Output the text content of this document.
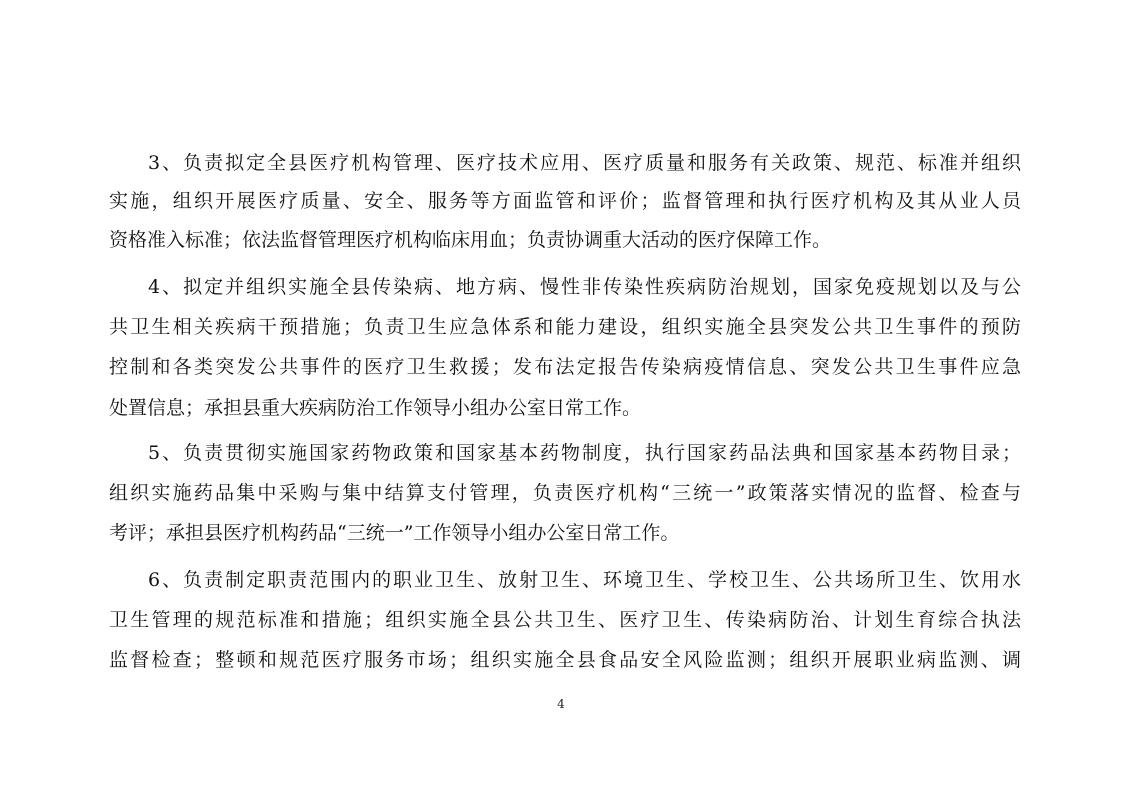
3、负责拟定全县医疗机构管理、医疗技术应用、医疗质量和服务有关政策、规范、标准并组织
实施，组织开展医疗质量、安全、服务等方面监管和评价；监督管理和执行医疗机构及其从业人员
资格准入标准；依法监督管理医疗机构临床用血；负责协调重大活动的医疗保障工作。
4、拟定并组织实施全县传染病、地方病、慢性非传染性疾病防治规划，国家免疫规划以及与公
共卫生相关疾病干预措施；负责卫生应急体系和能力建设，组织实施全县突发公共卫生事件的预防
控制和各类突发公共事件的医疗卫生救援；发布法定报告传染病疫情信息、突发公共卫生事件应急
处置信息；承担县重大疾病防治工作领导小组办公室日常工作。
5、负责贯彻实施国家药物政策和国家基本药物制度，执行国家药品法典和国家基本药物目录；
组织实施药品集中采购与集中结算支付管理，负责医疗机构“三统一”政策落实情况的监督、检查与
考评；承担县医疗机构药品“三统一”工作领导小组办公室日常工作。
6、负责制定职责范围内的职业卫生、放射卫生、环境卫生、学校卫生、公共场所卫生、饮用水
卫生管理的规范标准和措施；组织实施全县公共卫生、医疗卫生、传染病防治、计划生育综合执法
监督检查；整顿和规范医疗服务市场；组织实施全县食品安全风险监测；组织开展职业病监测、调
4
